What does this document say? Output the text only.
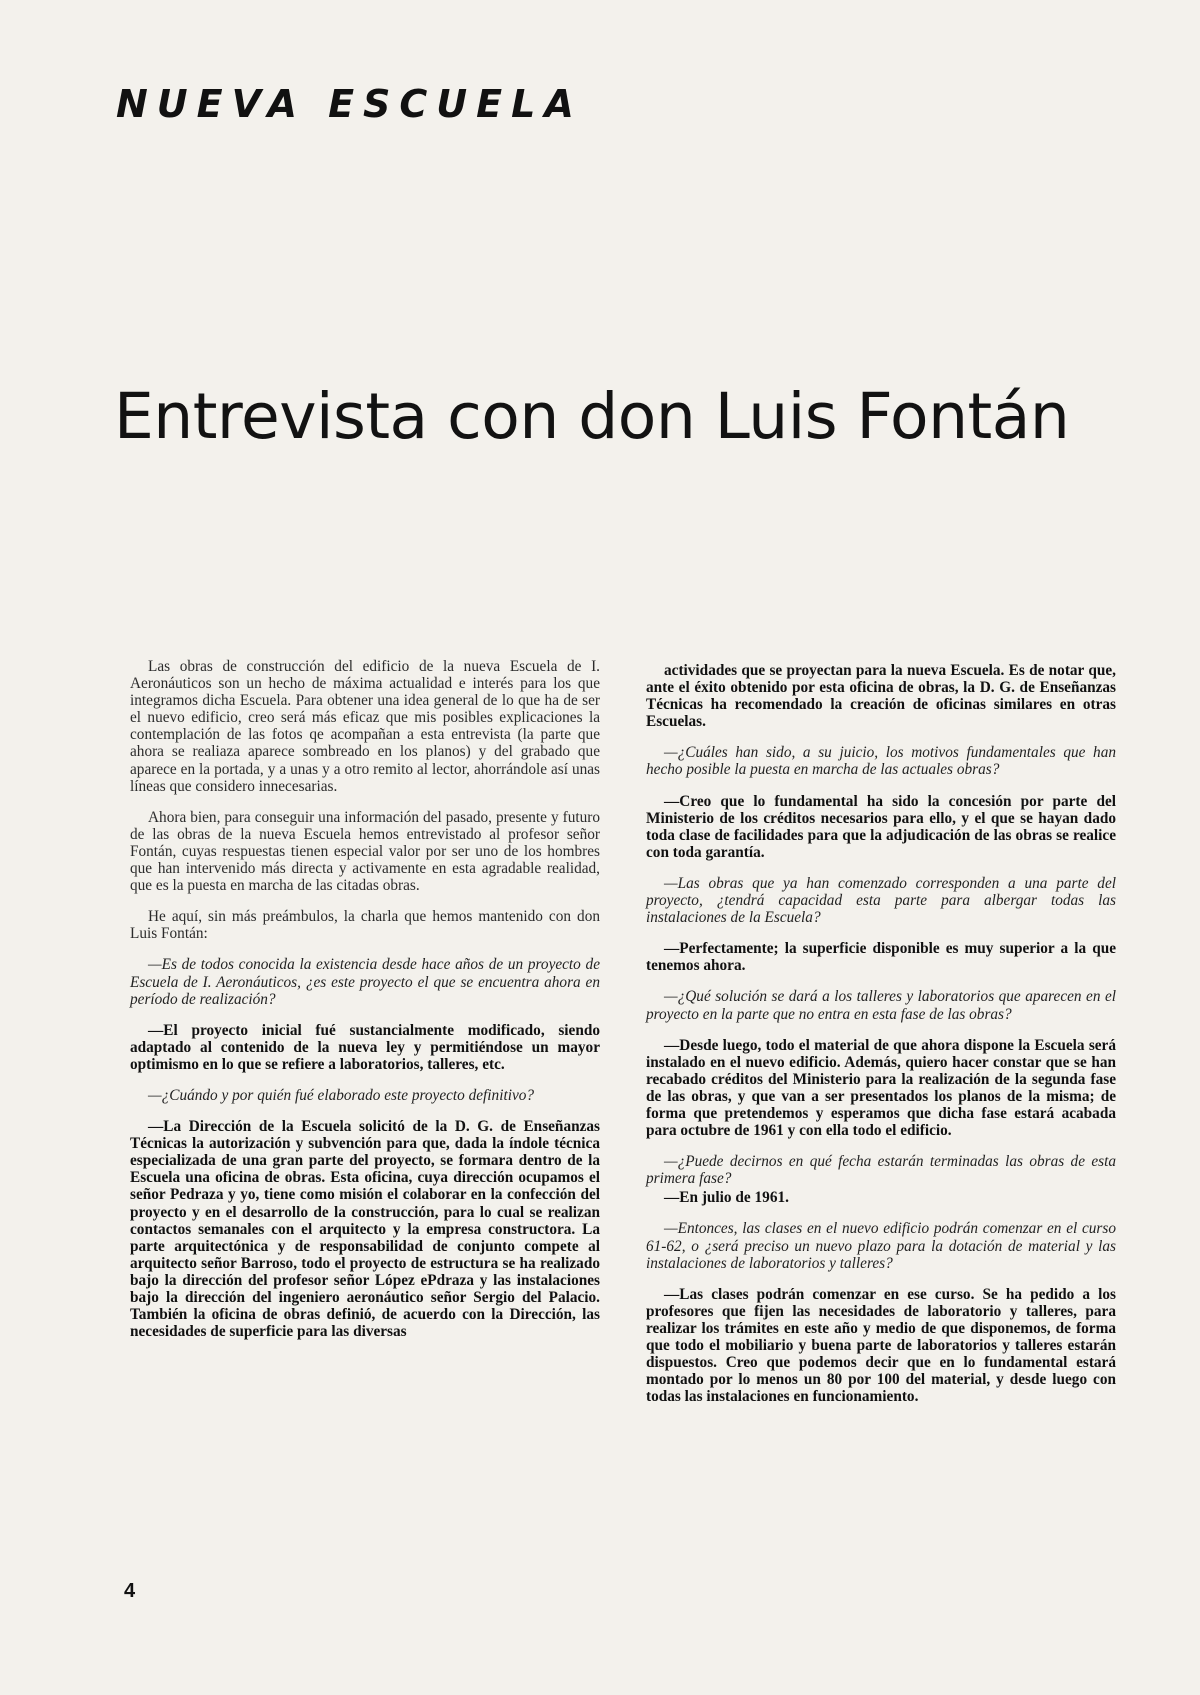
NUEVA ESCUELA
Entrevista con don Luis Fontán

Las obras de construcción del edificio de la nueva Escuela de I. Aeronáuticos son un hecho de máxima actualidad e interés para los que integramos dicha Escuela. Para obtener una idea general de lo que ha de ser el nuevo edificio, creo será más eficaz que mis posibles explicaciones la contemplación de las fotos qe acompañan a esta entrevista (la parte que ahora se realiaza aparece sombreado en los planos) y del grabado que aparece en la portada, y a unas y a otro remito al lector, ahorrándole así unas líneas que considero innecesarias.

Ahora bien, para conseguir una información del pasado, presente y futuro de las obras de la nueva Escuela hemos entrevistado al profesor señor Fontán, cuyas respuestas tienen especial valor por ser uno de los hombres que han intervenido más directa y activamente en esta agradable realidad, que es la puesta en marcha de las citadas obras.

He aquí, sin más preámbulos, la charla que hemos mantenido con don Luis Fontán:

—Es de todos conocida la existencia desde hace años de un proyecto de Escuela de I. Aeronáuticos, ¿es este proyecto el que se encuentra ahora en período de realización?

—El proyecto inicial fué sustancialmente modificado, siendo adaptado al contenido de la nueva ley y permitiéndose un mayor optimismo en lo que se refiere a laboratorios, talleres, etc.

—¿Cuándo y por quién fué elaborado este proyecto definitivo?

—La Dirección de la Escuela solicitó de la D. G. de Enseñanzas Técnicas la autorización y subvención para que, dada la índole técnica especializada de una gran parte del proyecto, se formara dentro de la Escuela una oficina de obras. Esta oficina, cuya dirección ocupamos el señor Pedraza y yo, tiene como misión el colaborar en la confección del proyecto y en el desarrollo de la construcción, para lo cual se realizan contactos semanales con el arquitecto y la empresa constructora. La parte arquitectónica y de responsabilidad de conjunto compete al arquitecto señor Barroso, todo el proyecto de estructura se ha realizado bajo la dirección del profesor señor López ePdraza y las instalaciones bajo la dirección del ingeniero aeronáutico señor Sergio del Palacio. También la oficina de obras definió, de acuerdo con la Dirección, las necesidades de superficie para las diversas

actividades que se proyectan para la nueva Escuela. Es de notar que, ante el éxito obtenido por esta oficina de obras, la D. G. de Enseñanzas Técnicas ha recomendado la creación de oficinas similares en otras Escuelas.

—¿Cuáles han sido, a su juicio, los motivos fundamentales que han hecho posible la puesta en marcha de las actuales obras?

—Creo que lo fundamental ha sido la concesión por parte del Ministerio de los créditos necesarios para ello, y el que se hayan dado toda clase de facilidades para que la adjudicación de las obras se realice con toda garantía.

—Las obras que ya han comenzado corresponden a una parte del proyecto, ¿tendrá capacidad esta parte para albergar todas las instalaciones de la Escuela?

—Perfectamente; la superficie disponible es muy superior a la que tenemos ahora.

—¿Qué solución se dará a los talleres y laboratorios que aparecen en el proyecto en la parte que no entra en esta fase de las obras?

—Desde luego, todo el material de que ahora dispone la Escuela será instalado en el nuevo edificio. Además, quiero hacer constar que se han recabado créditos del Ministerio para la realización de la segunda fase de las obras, y que van a ser presentados los planos de la misma; de forma que pretendemos y esperamos que dicha fase estará acabada para octubre de 1961 y con ella todo el edificio.

—¿Puede decirnos en qué fecha estarán terminadas las obras de esta primera fase?

—En julio de 1961.

—Entonces, las clases en el nuevo edificio podrán comenzar en el curso 61-62, o ¿será preciso un nuevo plazo para la dotación de material y las instalaciones de laboratorios y talleres?

—Las clases podrán comenzar en ese curso. Se ha pedido a los profesores que fijen las necesidades de laboratorio y talleres, para realizar los trámites en este año y medio de que disponemos, de forma que todo el mobiliario y buena parte de laboratorios y talleres estarán dispuestos. Creo que podemos decir que en lo fundamental estará montado por lo menos un 80 por 100 del material, y desde luego con todas las instalaciones en funcionamiento.

4
